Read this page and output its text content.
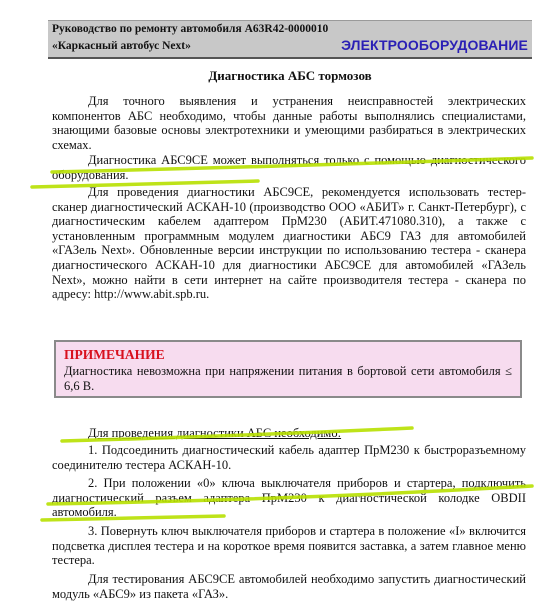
Руководство по ремонту автомобиля А63R42-0000010
«Каркасный автобус Next»	ЭЛЕКТРООБОРУДОВАНИЕ
Диагностика АБС тормозов

Для точного выявления и устранения неисправностей электрических компонентов АБС необходимо, чтобы данные работы выполнялись специалистами, знающими базовые основы электротехники и умеющими разбираться в электрических схемах.

Диагностика АБС9СЕ может выполняться только с помощью диагностического оборудования.

Для проведения диагностики АБС9СЕ, рекомендуется использовать тестер-сканер диагностический АСКАН-10 (производство ООО «АБИТ» г. Санкт-Петербург), с диагностическим кабелем адаптером ПрМ230 (АБИТ.471080.310), а также с установленным программным модулем диагностики АБС9 ГАЗ для автомобилей «ГАЗель Next». Обновленные версии инструкции по использованию тестера - сканера диагностического АСКАН-10 для диагностики АБС9СЕ для автомобилей «ГАЗель Next», можно найти в сети интернет на сайте производителя тестера - сканера по адресу: http://www.abit.spb.ru.

ПРИМЕЧАНИЕ
Диагностика невозможна при напряжении питания в бортовой сети автомобиля ≤ 6,6 В.

Для проведения диагностики АБС необходимо:

1. Подсоединить диагностический кабель адаптер ПрМ230 к быстроразъемному соединителю тестера АСКАН-10.

2. При положении «0» ключа выключателя приборов и стартера, подключить диагностический разъем адаптера ПрМ230 к диагностической колодке OBDII автомобиля.

3. Повернуть ключ выключателя приборов и стартера в положение «I» включится подсветка дисплея тестера и на короткое время появится заставка, а затем главное меню тестера.

Для тестирования АБС9СЕ автомобилей необходимо запустить диагностический модуль «АБС9» из пакета «ГАЗ».
